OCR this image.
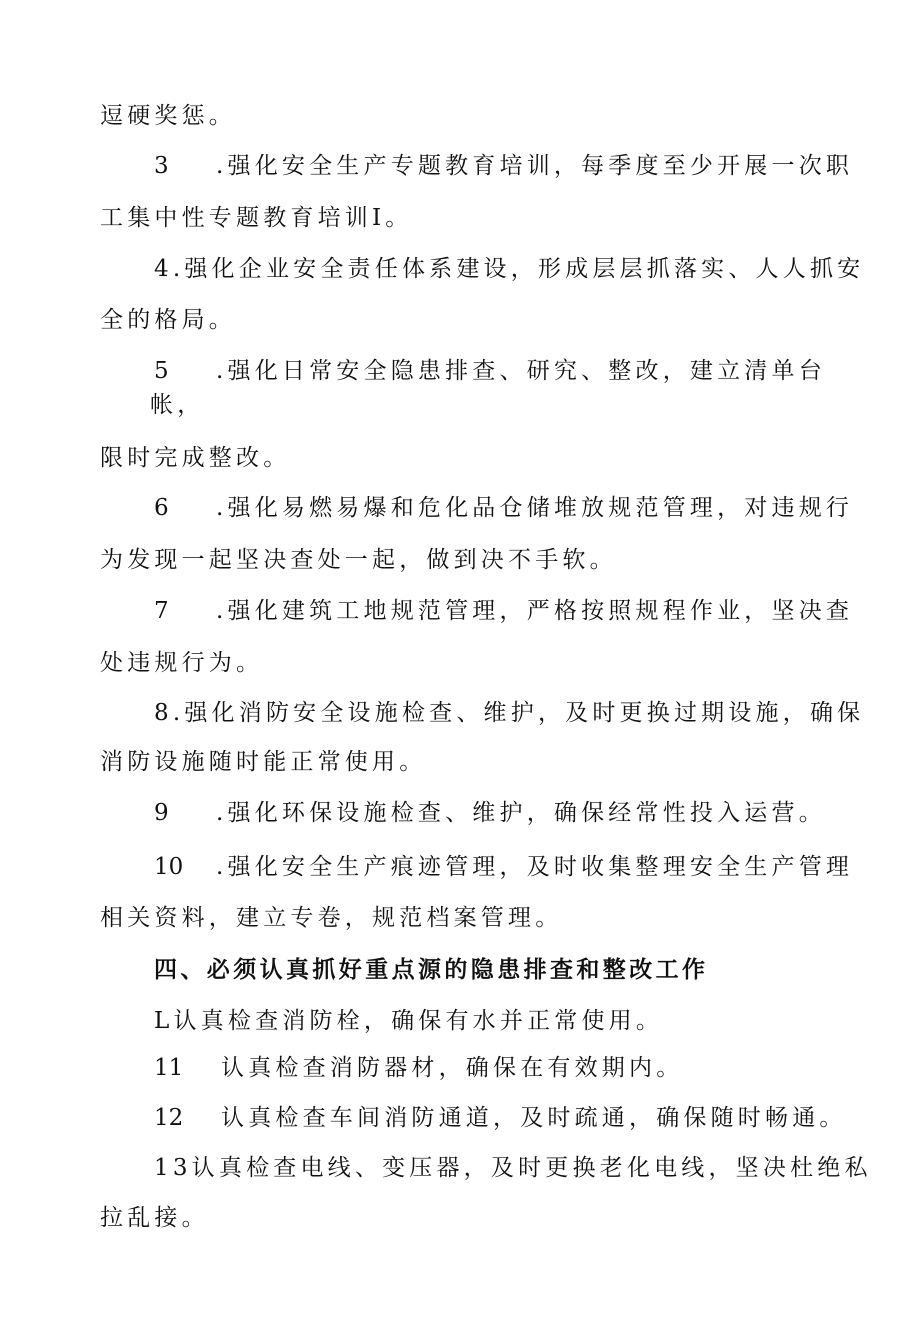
逗硬奖惩。
3 .强化安全生产专题教育培训，每季度至少开展一次职
工集中性专题教育培训I。
4.强化企业安全责任体系建设，形成层层抓落实、人人抓安
全的格局。
5 .强化日常安全隐患排查、研究、整改，建立清单台
帐，
限时完成整改。
6 .强化易燃易爆和危化品仓储堆放规范管理，对违规行
为发现一起坚决查处一起，做到决不手软。
7 .强化建筑工地规范管理，严格按照规程作业，坚决查
处违规行为。
8.强化消防安全设施检查、维护，及时更换过期设施，确保
消防设施随时能正常使用。
9 .强化环保设施检查、维护，确保经常性投入运营。
10 .强化安全生产痕迹管理，及时收集整理安全生产管理
相关资料，建立专卷，规范档案管理。
四、必须认真抓好重点源的隐患排查和整改工作
L认真检查消防栓，确保有水并正常使用。
11 认真检查消防器材，确保在有效期内。
12 认真检查车间消防通道，及时疏通，确保随时畅通。
13认真检查电线、变压器，及时更换老化电线，坚决杜绝私
拉乱接。
